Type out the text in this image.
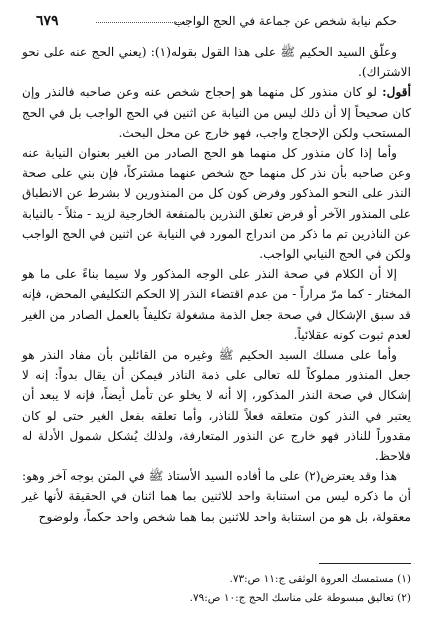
حكم نيابة شخص عن جماعة في الحج الواجب
٦٧٩

وعلّق السيد الحكيم ﷺ على هذا القول بقوله(١): (يعني الحج عنه على نحو الاشتراك).

أقول: لو كان منذور كل منهما هو إحجاج شخص عنه وعن صاحبه فالنذر وإن كان صحيحاً إلا أن ذلك ليس من النيابة عن اثنين في الحج الواجب بل في الحج المستحب ولكن الإحجاج واجب، فهو خارج عن محل البحث.

وأما إذا كان منذور كل منهما هو الحج الصادر من الغير بعنوان النيابة عنه وعن صاحبه بأن نذر كل منهما حج شخص عنهما مشتركاً، فإن بني على صحة النذر على النحو المذكور وفرض كون كل من المنذورين لا بشرط عن الانطباق على المنذور الآخر أو فرض تعلق النذرين بالمنفعة الخارجية لزيد - مثلاً - بالنيابة عن الناذرين تم ما ذكر من اندراج المورد في النيابة عن اثنين في الحج الواجب ولكن في الحج النيابي الواجب.

إلا أن الكلام في صحة النذر على الوجه المذكور ولا سيما بناءً على ما هو المختار - كما مرّ مراراً - من عدم اقتضاء النذر إلا الحكم التكليفي المحض، فإنه قد سبق الإشكال في صحة جعل الذمة مشغولة تكليفاً بالعمل الصادر من الغير لعدم ثبوت كونه عقلائياً.

وأما على مسلك السيد الحكيم ﷺ وغيره من القائلين بأن مفاد النذر هو جعل المنذور مملوكاً لله تعالى على ذمة الناذر فيمكن أن يقال بدواً: إنه لا إشكال في صحة النذر المذكور، إلا أنه لا يخلو عن تأمل أيضاً، فإنه لا يبعد أن يعتبر في النذر كون متعلقه فعلاً للناذر، وأما تعلقه بفعل الغير حتى لو كان مقدوراً للناذر فهو خارج عن النذور المتعارفة، ولذلك يُشكل شمول الأدلة له فلاحظ.

هذا وقد يعترض(٢) على ما أفاده السيد الأستاذ ﷺ في المتن بوجه آخر وهو: أن ما ذكره ليس من استنابة واحد للاثنين بما هما اثنان في الحقيقة لأنها غير معقولة، بل هو من استنابة واحد للاثنين بما هما شخص واحد حكماً، ولوضوح

(١) مستمسك العروة الوثقى ج:١١ ص:٧٣.

(٢) تعاليق مبسوطة على مناسك الحج ج:١٠ ص:٧٩.
